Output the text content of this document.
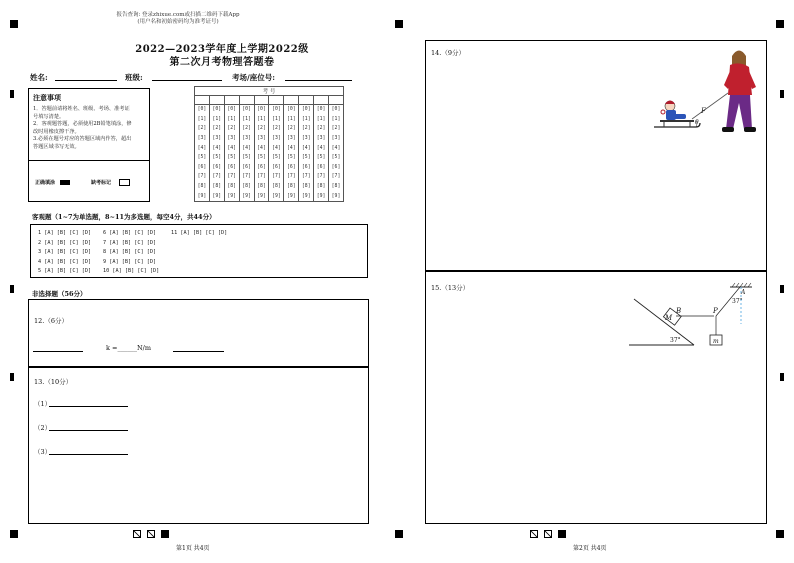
报告查询: 登录zhixue.com或扫描二维码下载App
(用户名和初始密码均为准考证号)
2022—2023学年度上学期2022级
第二次月考物理答题卷
姓名:	班级:	考场/座位号:
注意事项
1．答题前请将姓名、班级、考场、准考证
号填写清楚。
2．客观题答题，必须使用2B铅笔填涂，修
改时用橡皮擦干净。
3.必须在题号对应的答题区域内作答，超出
答题区域书写无效。
正确填涂	缺考标记
考 号									

[0]	[0]	[0]	[0]	[0]	[0]	[0]	[0]	[0]	[0]
[1]	[1]	[1]	[1]	[1]	[1]	[1]	[1]	[1]	[1]
[2]	[2]	[2]	[2]	[2]	[2]	[2]	[2]	[2]	[2]
[3]	[3]	[3]	[3]	[3]	[3]	[3]	[3]	[3]	[3]
[4]	[4]	[4]	[4]	[4]	[4]	[4]	[4]	[4]	[4]
[5]	[5]	[5]	[5]	[5]	[5]	[5]	[5]	[5]	[5]
[6]	[6]	[6]	[6]	[6]	[6]	[6]	[6]	[6]	[6]
[7]	[7]	[7]	[7]	[7]	[7]	[7]	[7]	[7]	[7]
[8]	[8]	[8]	[8]	[8]	[8]	[8]	[8]	[8]	[8]
[9]	[9]	[9]	[9]	[9]	[9]	[9]	[9]	[9]	[9]
客观题（1~7为单选题，8~11为多选题，每空4分，共44分）
1 [A] [B] [C] [D]
2 [A] [B] [C] [D]
3 [A] [B] [C] [D]
4 [A] [B] [C] [D]
5 [A] [B] [C] [D]
6 [A] [B] [C] [D]
7 [A] [B] [C] [D]
8 [A] [B] [C] [D]
9 [A] [B] [C] [D]
10 [A] [B] [C] [D]
11 [A] [B] [C] [D]
非选择题（56分）
12.（6分）
k =______N/m
13.（10分）
（1）
（2）
（3）
14.（9分）
F
θ
15.（13分）
M
B	P
A
37°
m
37°
第1页 共4页	第2页 共4页
